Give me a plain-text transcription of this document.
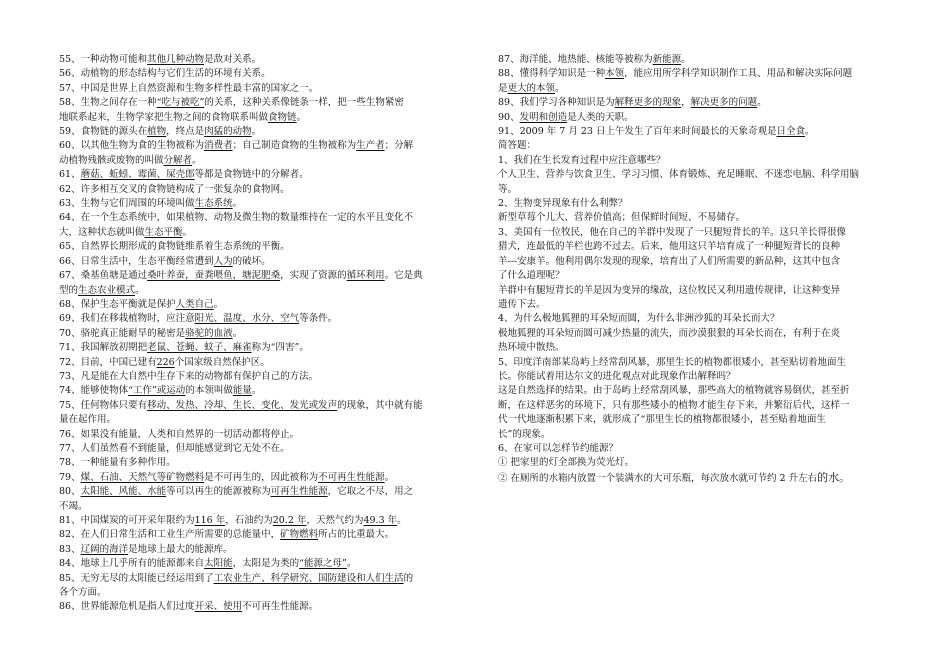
55、一种动物可能和其他几种动物是敌对关系。
56、动植物的形态结构与它们生活的环境有关系。
57、中国是世界上自然资源和生物多样性最丰富的国家之一。
58、生物之间存在一种“吃与被吃”的关系，这种关系像链条一样，把一些生物紧密
地联系起来，生物学家把生物之间的食物联系叫做食物链。
59、食物链的源头在植物，终点是肉猛的动物。
60、以其他生物为食的生物被称为消费者；自己制造食物的生物被称为生产者；分解
动植物残骸或废物的叫做分解者。
61、蘑菇、蚯蚓、霉菌、屎壳郎等都是食物链中的分解者。
62、许多相互交叉的食物链构成了一张复杂的食物网。
63、生物与它们周围的环境叫做生态系统。
64、在一个生态系统中，如果植物、动物及微生物的数量维持在一定的水平且变化不
大，这种状态就叫做生态平衡。
65、自然界长期形成的食物链维系着生态系统的平衡。
66、日常生活中，生态平衡经常遭到人为的破坏。
67、桑基鱼塘是通过桑叶养蚕，蚕粪喂鱼，塘泥肥桑，实现了资源的循环利用。它是典
型的生态农业模式。
68、保护生态平衡就是保护人类自己。
69、我们在移栽植物时，应注意阳光、温度、水分、空气等条件。
70、骆驼真正能耐旱的秘密是骆驼的血液。
71、我国解放初期把老鼠、苍蝇、蚊子、麻雀称为“四害”。
72、目前，中国已建有226个国家级自然保护区。
73、凡是能在大自然中生存下来的动物都有保护自己的方法。
74、能够使物体“工作”或运动的本领叫做能量。
75、任何物体只要有移动、发热、冷却、生长、变化、发光或发声的现象，其中就有能
量在起作用。
76、如果没有能量，人类和自然界的一切活动都将停止。
77、人们虽然看不到能量，但却能感觉到它无处不在。
78、一种能量有多种作用。
79、煤、石油、天然气等矿物燃料是不可再生的，因此被称为不可再生性能源。
80、太阳能、风能、水能等可以再生的能源被称为可再生性能源，它取之不尽，用之
不竭。
81、中国煤炭的可开采年限约为116 年，石油约为20.2 年，天然气约为49.3 年。
82、在人们日常生活和工业生产所需要的总能量中，矿物燃料所占的比重最大。
83、辽阔的海洋是地球上最大的能源库。
84、地球上几乎所有的能源都来自太阳能，太阳是为类的“能源之母”。
85、无穷无尽的太阳能已经运用到了工农业生产、科学研究、国防建设和人们生活的
各个方面。
86、世界能源危机是指人们过度开采、使用不可再生性能源。
87、海洋能、地热能、核能等被称为新能源。
88、懂得科学知识是一种本领，能应用所学科学知识制作工具、用品和解决实际问题
是更大的本领。
89、我们学习各种知识是为解释更多的现象，解决更多的问题。
90、发明和创造是人类的天职。
91、2009 年 7 月 23 日上午发生了百年来时间最长的天象奇观是日全食。
简答题：
1、我们在生长发育过程中应注意哪些？
个人卫生、营养与饮食卫生、学习习惯、体育锻炼、充足睡眠、不迷恋电脑、科学用脑
等。
2、生物变异现象有什么利弊？
新型草莓个儿大、营养价值高；但保鲜时间短、不易储存。
3、美国有一位牧民，他在自己的羊群中发现了一只腿短背长的羊。这只羊长得很像
猎犬，连最低的羊栏也跨不过去。后来，他用这只羊培育成了一种腿短背长的良种
羊---安康羊。他利用偶尔发现的现象，培育出了人们所需要的新品种，这其中包含
了什么道理呢？
羊群中有腿短背长的羊是因为变异的缘故，这位牧民又利用遗传规律，让这种变异
遗传下去。
4、为什么极地狐狸的耳朵短而圆，为什么非洲沙狐的耳朵长而大？
极地狐狸的耳朵短而圆可减少热量的流失，而沙漠狠狠的耳朵长而在，有利于在炎
热环境中散热。
5、印度洋南部某岛屿上经常刮风暴，那里生长的植物都很矮小，甚至贴切着地面生
长。你能试着用达尔文的进化观点对此现象作出解释吗？
这是自然选择的结果。由于岛屿上经常刮风暴，那些高大的植物就容易倒伏，甚至折
断，在这样恶劣的环境下，只有那些矮小的植物才能生存下来，并繁衍后代，这样一
代一代地逐渐积累下来，就形成了“那里生长的植物都很矮小，甚至贴着地面生
长”的现象。
6、在家可以怎样节约能源？
① 把家里的灯全部换为荧光灯。
② 在厕所的水箱内放置一个装满水的大可乐瓶，每次放水就可节约 2 升左右的水。
